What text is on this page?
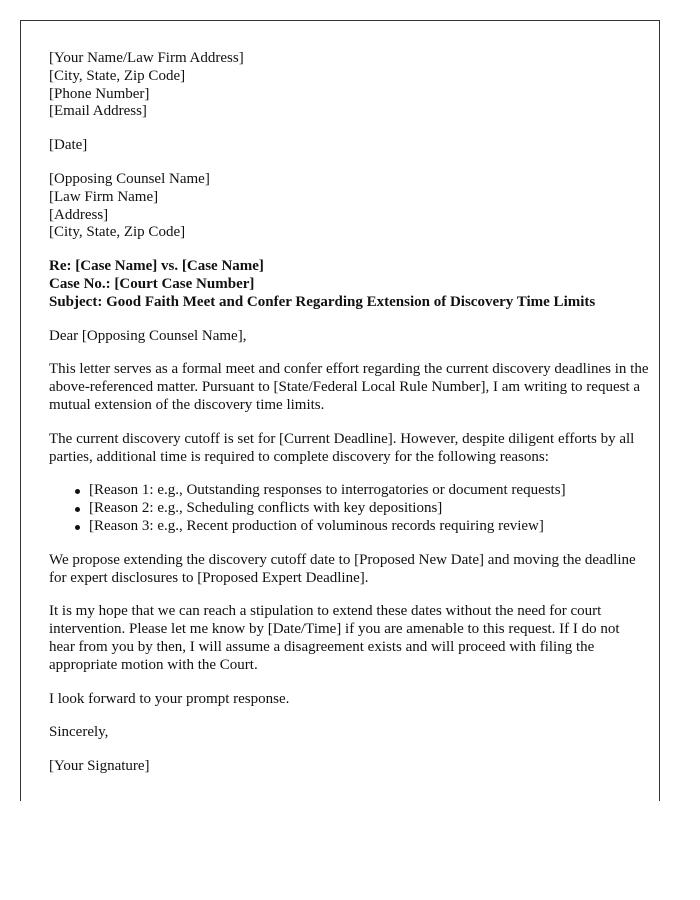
[Your Name/Law Firm Address]
[City, State, Zip Code]
[Phone Number]
[Email Address]
[Date]
[Opposing Counsel Name]
[Law Firm Name]
[Address]
[City, State, Zip Code]
Re: [Case Name] vs. [Case Name]
Case No.: [Court Case Number]
Subject: Good Faith Meet and Confer Regarding Extension of Discovery Time Limits

Dear [Opposing Counsel Name],

This letter serves as a formal meet and confer effort regarding the current discovery deadlines in the above-referenced matter. Pursuant to [State/Federal Local Rule Number], I am writing to request a mutual extension of the discovery time limits.

The current discovery cutoff is set for [Current Deadline]. However, despite diligent efforts by all parties, additional time is required to complete discovery for the following reasons:

[Reason 1: e.g., Outstanding responses to interrogatories or document requests]
[Reason 2: e.g., Scheduling conflicts with key depositions]
[Reason 3: e.g., Recent production of voluminous records requiring review]

We propose extending the discovery cutoff date to [Proposed New Date] and moving the deadline for expert disclosures to [Proposed Expert Deadline].

It is my hope that we can reach a stipulation to extend these dates without the need for court intervention. Please let me know by [Date/Time] if you are amenable to this request. If I do not hear from you by then, I will assume a disagreement exists and will proceed with filing the appropriate motion with the Court.

I look forward to your prompt response.

Sincerely,

[Your Signature]
